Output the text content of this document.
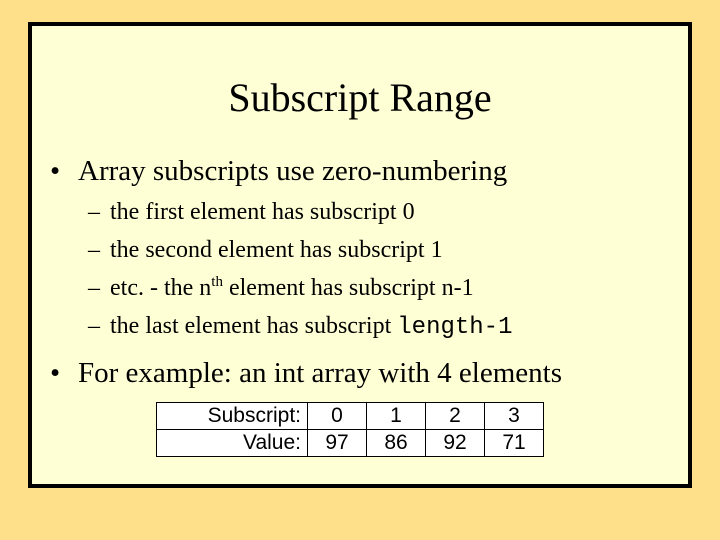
Subscript Range
• Array subscripts use zero-numbering
– the first element has subscript 0
– the second element has subscript 1
– etc. - the $n^{th}$ element has subscript n-1
– the last element has subscript length-1
• For example: an int array with 4 elements
Subscript:	0	1	2	3
Value:	97	86	92	71
